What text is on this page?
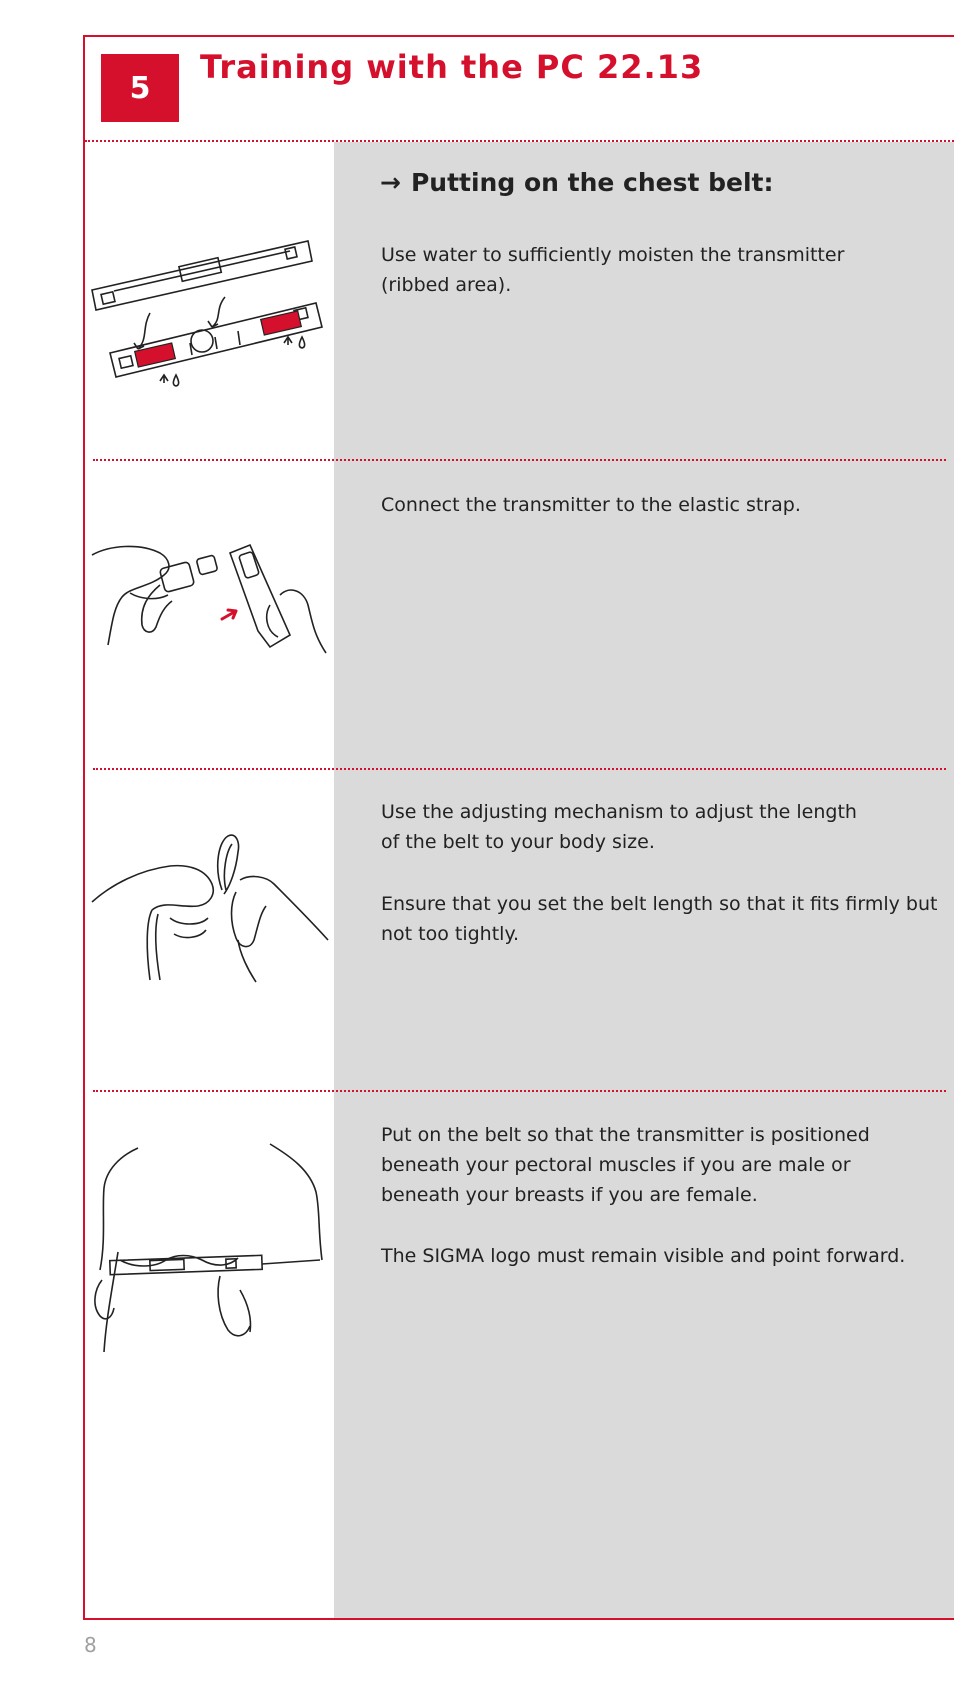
5
Training with the PC 22.13
→ Putting on the chest belt:

Use water to sufficiently moisten the transmitter (ribbed area).

Connect the transmitter to the elastic strap.

Use the adjusting mechanism to adjust the length of the belt to your body size.

Ensure that you set the belt length so that it fits firmly but not too tightly.

Put on the belt so that the transmitter is positioned beneath your pectoral muscles if you are male or beneath your breasts if you are female.

The SIGMA logo must remain visible and point forward.

8
